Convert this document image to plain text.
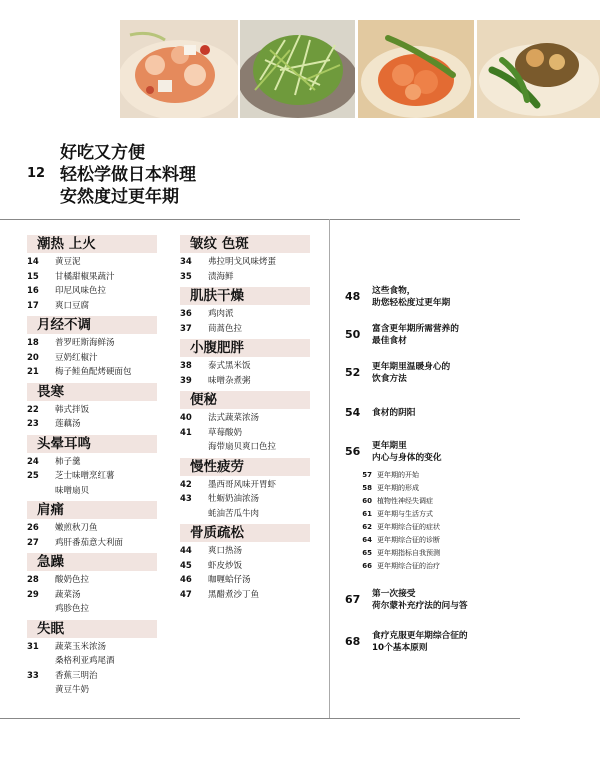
12
好吃又方便
轻松学做日本料理
安然度过更年期
潮热 上火
14 黄豆泥
15 甘橘甜椒果蔬汁
16 印尼风味色拉
17 爽口豆腐
月经不调
18 普罗旺斯海鲜汤
20 豆奶红椒汁
21 梅子鲑鱼配烤硬面包
畏寒
22 韩式拌饭
23 莲藕汤
头晕耳鸣
24 柿子羹
25 芝士味噌烹红薯
味噌扇贝
肩痛
26 嫩煎秋刀鱼
27 鸡肝番茄意大利面
急躁
28 酸奶色拉
29 蔬菜汤
鸡胗色拉
失眠
31 蔬菜玉米浓汤
桑格利亚鸡尾酒
33 香蕉三明治
黄豆牛奶
皱纹 色斑
34 弗拉明戈风味烤蛋
35 渍海鲜
肌肤干燥
36 鸡肉派
37 茼蒿色拉
小腹肥胖
38 泰式黑米饭
39 味噌杂煮粥
便秘
40 法式蔬菜浓汤
41 草莓酸奶
海带扇贝爽口色拉
慢性疲劳
42 墨西哥风味开胃虾
43 牡蛎奶油浓汤
蚝油苦瓜牛肉
骨质疏松
44 爽口热汤
45 虾皮炒饭
46 咖喱蛤仔汤
47 黑醋煮沙丁鱼
48 这些食物，
助您轻松度过更年期
50 富含更年期所需营养的
最佳食材
52 更年期里温暖身心的
饮食方法
54 食材的阴阳
56 更年期里
内心与身体的变化
67 第一次接受
荷尔蒙补充疗法的问与答
68 食疗克服更年期综合征的
10个基本原则
57 更年期的开始
58 更年期的形成
60 植物性神经失调症
61 更年期与生活方式
62 更年期综合征的症状
64 更年期综合征的诊断
65 更年期指标自我预测
66 更年期综合征的治疗
